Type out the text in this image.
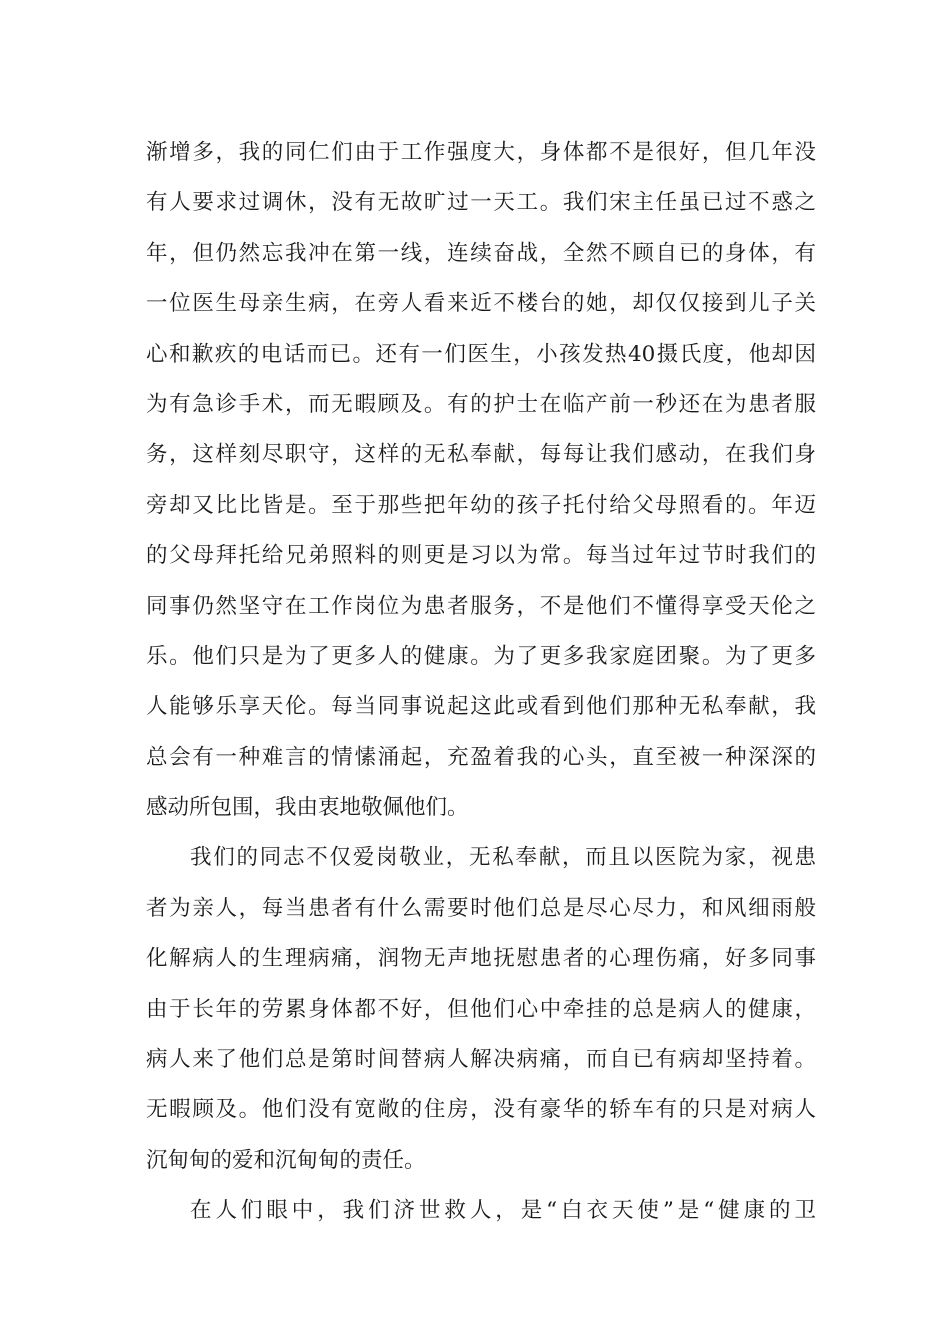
渐增多，我的同仁们由于工作强度大，身体都不是很好，但几年没
有人要求过调休，没有无故旷过一天工。我们宋主任虽已过不惑之
年，但仍然忘我冲在第一线，连续奋战，全然不顾自已的身体，有
一位医生母亲生病，在旁人看来近不楼台的她，却仅仅接到儿子关
心和歉疚的电话而已。还有一们医生，小孩发热40摄氏度，他却因
为有急诊手术，而无暇顾及。有的护士在临产前一秒还在为患者服
务，这样刻尽职守，这样的无私奉献，每每让我们感动，在我们身
旁却又比比皆是。至于那些把年幼的孩子托付给父母照看的。年迈
的父母拜托给兄弟照料的则更是习以为常。每当过年过节时我们的
同事仍然坚守在工作岗位为患者服务，不是他们不懂得享受天伦之
乐。他们只是为了更多人的健康。为了更多我家庭团聚。为了更多
人能够乐享天伦。每当同事说起这此或看到他们那种无私奉献，我
总会有一种难言的情愫涌起，充盈着我的心头，直至被一种深深的
感动所包围，我由衷地敬佩他们。
我们的同志不仅爱岗敬业，无私奉献，而且以医院为家，视患
者为亲人，每当患者有什么需要时他们总是尽心尽力，和风细雨般
化解病人的生理病痛，润物无声地抚慰患者的心理伤痛，好多同事
由于长年的劳累身体都不好，但他们心中牵挂的总是病人的健康，
病人来了他们总是第时间替病人解决病痛，而自已有病却坚持着。
无暇顾及。他们没有宽敞的住房，没有豪华的轿车有的只是对病人
沉甸甸的爱和沉甸甸的责任。
在人们眼中，我们济世救人，是“白衣天使”是“健康的卫
